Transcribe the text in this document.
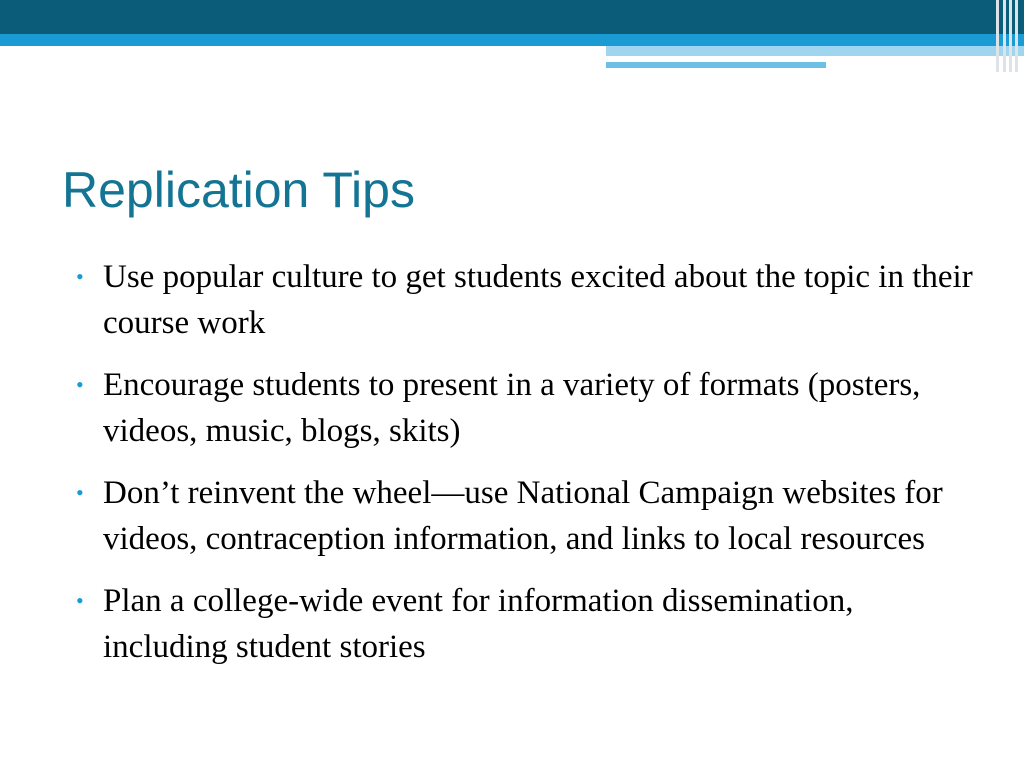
Replication Tips
• Use popular culture to get students excited about the topic in their course work
• Encourage students to present in a variety of formats (posters, videos, music, blogs, skits)
• Don’t reinvent the wheel—use National Campaign websites for videos, contraception information, and links to local resources
• Plan a college-wide event for information dissemination, including student stories
